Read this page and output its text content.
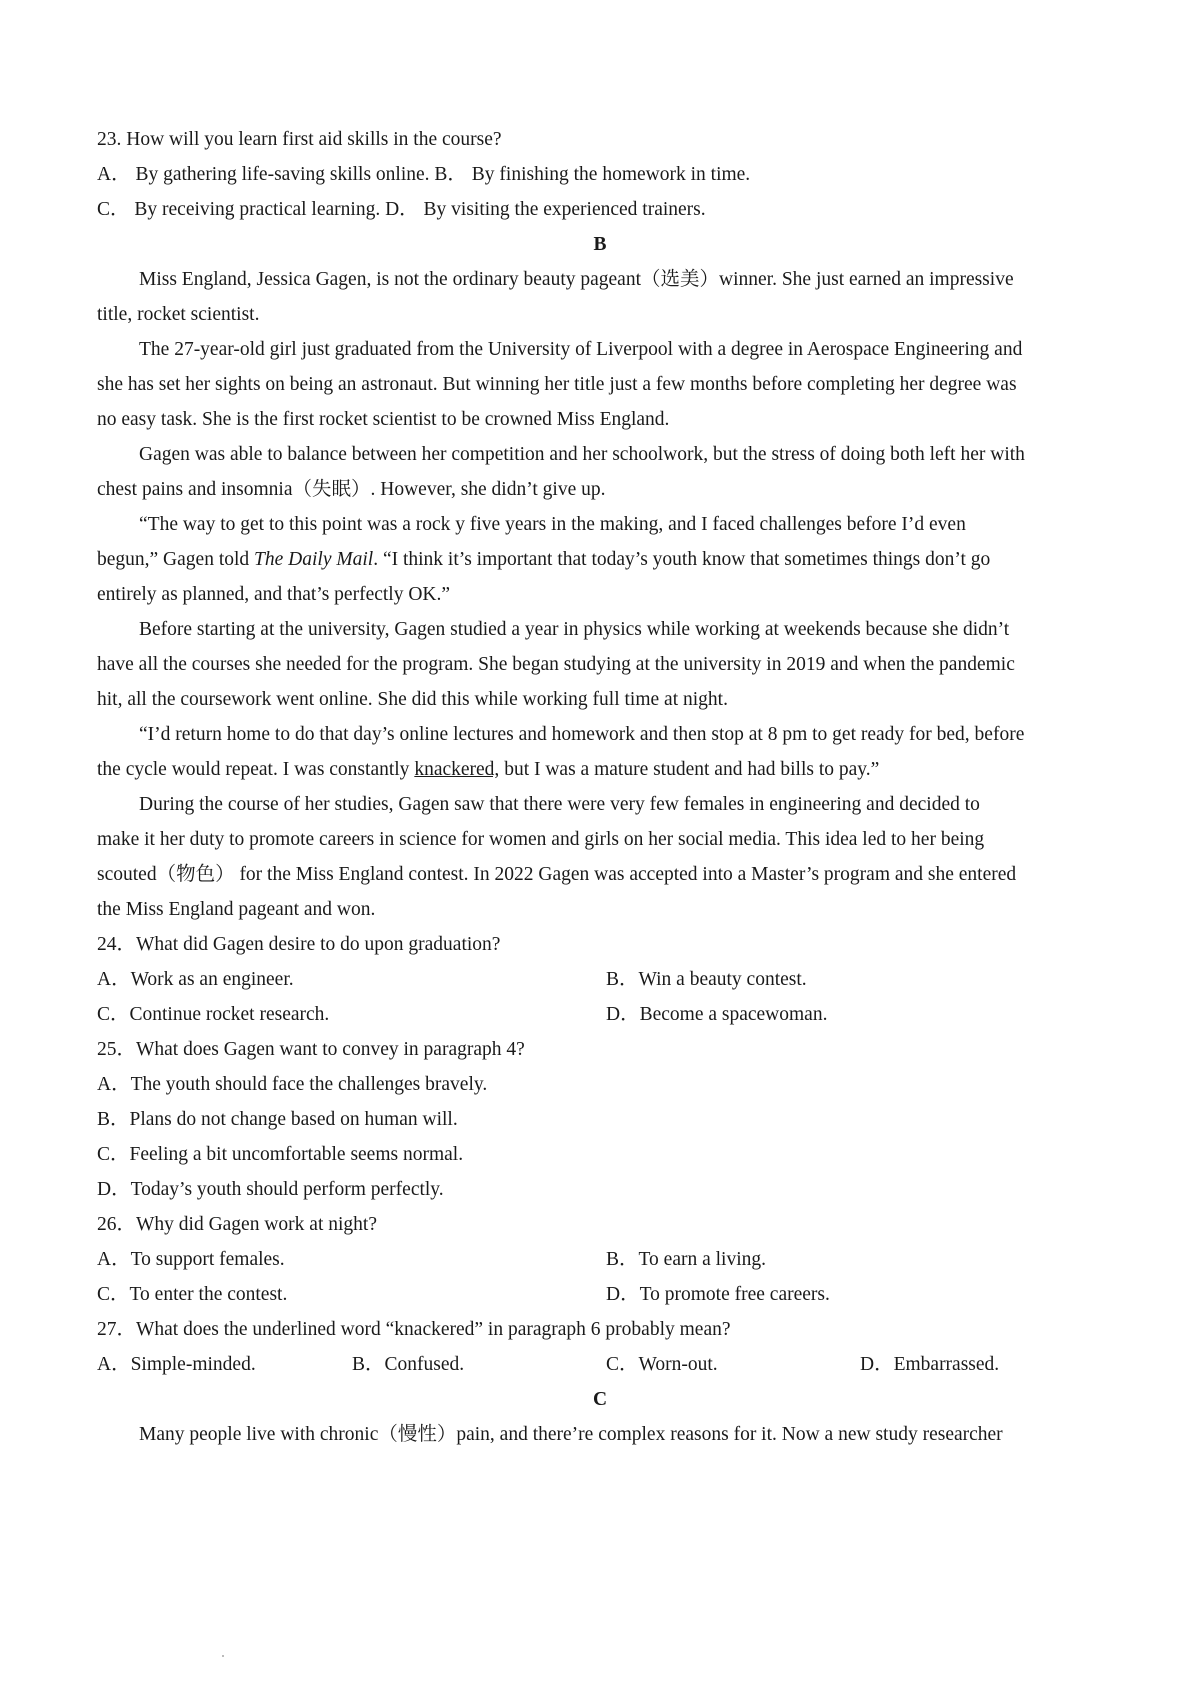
23. How will you learn first aid skills in the course?
A． By gathering life-saving skills online. B． By finishing the homework in time.
C． By receiving practical learning. D． By visiting the experienced trainers.
B
Miss England, Jessica Gagen, is not the ordinary beauty pageant（选美）winner. She just earned an impressive
title, rocket scientist.
The 27-year-old girl just graduated from the University of Liverpool with a degree in Aerospace Engineering and
she has set her sights on being an astronaut. But winning her title just a few months before completing her degree was
no easy task. She is the first rocket scientist to be crowned Miss England.
Gagen was able to balance between her competition and her schoolwork, but the stress of doing both left her with
chest pains and insomnia（失眠）. However, she didn’t give up.
“The way to get to this point was a rock y five years in the making, and I faced challenges before I’d even
begun,” Gagen told The Daily Mail. “I think it’s important that today’s youth know that sometimes things don’t go
entirely as planned, and that’s perfectly OK.”
Before starting at the university, Gagen studied a year in physics while working at weekends because she didn’t
have all the courses she needed for the program. She began studying at the university in 2019 and when the pandemic
hit, all the coursework went online. She did this while working full time at night.
“I’d return home to do that day’s online lectures and homework and then stop at 8 pm to get ready for bed, before
the cycle would repeat. I was constantly knackered, but I was a mature student and had bills to pay.”
During the course of her studies, Gagen saw that there were very few females in engineering and decided to
make it her duty to promote careers in science for women and girls on her social media. This idea led to her being
scouted（物色） for the Miss England contest. In 2022 Gagen was accepted into a Master’s program and she entered
the Miss England pageant and won.
24．What did Gagen desire to do upon graduation?
A．Work as an engineer.	B．Win a beauty contest.
C．Continue rocket research.	D．Become a spacewoman.
25．What does Gagen want to convey in paragraph 4?
A．The youth should face the challenges bravely.
B．Plans do not change based on human will.
C．Feeling a bit uncomfortable seems normal.
D．Today’s youth should perform perfectly.
26．Why did Gagen work at night?
A．To support females.	B．To earn a living.
C．To enter the contest.	D．To promote free careers.
27．What does the underlined word “knackered” in paragraph 6 probably mean?
A．Simple-minded.	B．Confused.	C．Worn-out.	D．Embarrassed.
C
Many people live with chronic（慢性）pain, and there’re complex reasons for it. Now a new study researcher
